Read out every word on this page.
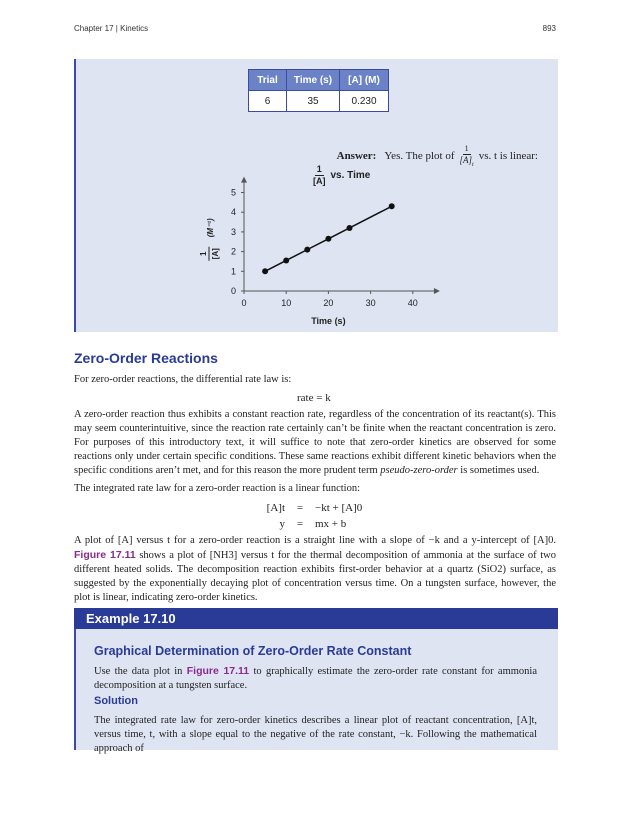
Chapter 17 | Kinetics	893
Trial	Time (s)	[A] (M)
6	35	0.230
Answer: Yes. The plot of $\frac{1}{[A]_t}$ vs. t is linear:
$\frac{1}{[A]}$ vs. Time
0	10	20	30	40
0
1
2
3
4
5
Time (s)
1 [A]
(M⁻¹)
Zero-Order Reactions

For zero-order reactions, the differential rate law is:

rate = k

A zero-order reaction thus exhibits a constant reaction rate, regardless of the concentration of its reactant(s). This may seem counterintuitive, since the reaction rate certainly can’t be finite when the reactant concentration is zero. For purposes of this introductory text, it will suffice to note that zero-order kinetics are observed for some reactions only under certain specific conditions. These same reactions exhibit different kinetic behaviors when the specific conditions aren’t met, and for this reason the more prudent term pseudo-zero-order is sometimes used.

The integrated rate law for a zero-order reaction is a linear function:

[A]t	=	−kt + [A]0
y	=	mx + b

A plot of [A] versus t for a zero-order reaction is a straight line with a slope of −k and a y-intercept of [A]0. Figure 17.11 shows a plot of [NH3] versus t for the thermal decomposition of ammonia at the surface of two different heated solids. The decomposition reaction exhibits first-order behavior at a quartz (SiO2) surface, as suggested by the exponentially decaying plot of concentration versus time. On a tungsten surface, however, the plot is linear, indicating zero-order kinetics.

Example 17.10
Graphical Determination of Zero-Order Rate Constant

Use the data plot in Figure 17.11 to graphically estimate the zero-order rate constant for ammonia decomposition at a tungsten surface.

Solution

The integrated rate law for zero-order kinetics describes a linear plot of reactant concentration, [A]t, versus time, t, with a slope equal to the negative of the rate constant, −k. Following the mathematical approach of
